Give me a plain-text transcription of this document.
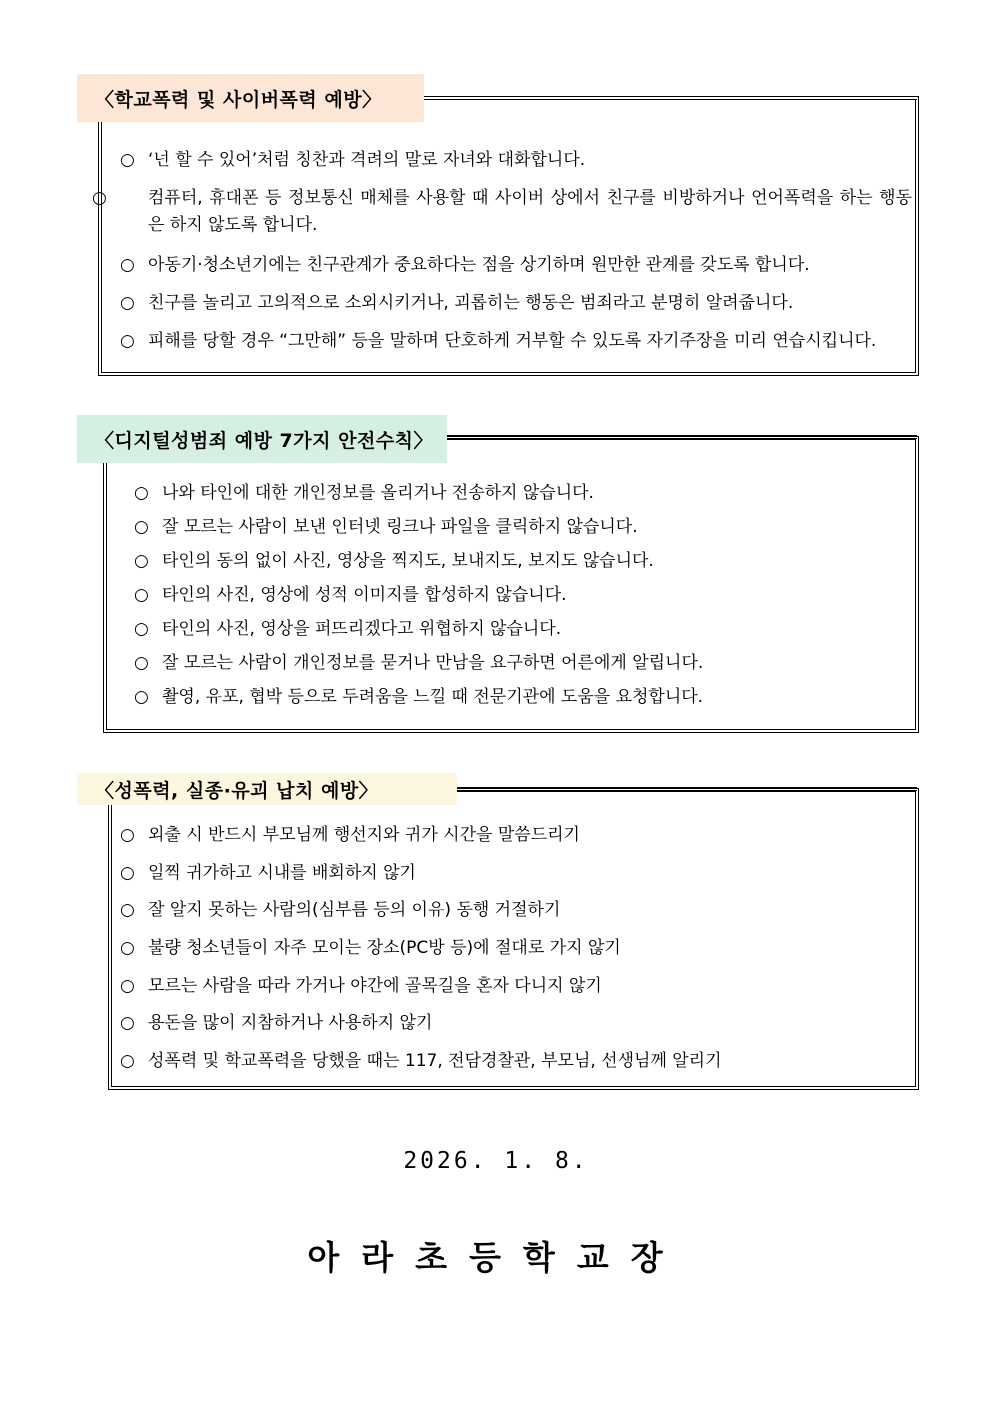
〈학교폭력 및 사이버폭력 예방〉
○ ‘넌 할 수 있어’처럼 칭찬과 격려의 말로 자녀와 대화합니다.
○ 컴퓨터, 휴대폰 등 정보통신 매체를 사용할 때 사이버 상에서 친구를 비방하거나 언어폭력을 하는 행동은 하지 않도록 합니다.
○ 아동기·청소년기에는 친구관계가 중요하다는 점을 상기하며 원만한 관계를 갖도록 합니다.
○ 친구를 놀리고 고의적으로 소외시키거나, 괴롭히는 행동은 범죄라고 분명히 알려줍니다.
○ 피해를 당할 경우 “그만해” 등을 말하며 단호하게 거부할 수 있도록 자기주장을 미리 연습시킵니다.
〈디지털성범죄 예방 7가지 안전수칙〉
○ 나와 타인에 대한 개인정보를 올리거나 전송하지 않습니다.
○ 잘 모르는 사람이 보낸 인터넷 링크나 파일을 클릭하지 않습니다.
○ 타인의 동의 없이 사진, 영상을 찍지도, 보내지도, 보지도 않습니다.
○ 타인의 사진, 영상에 성적 이미지를 합성하지 않습니다.
○ 타인의 사진, 영상을 퍼뜨리겠다고 위협하지 않습니다.
○ 잘 모르는 사람이 개인정보를 묻거나 만남을 요구하면 어른에게 알립니다.
○ 촬영, 유포, 협박 등으로 두려움을 느낄 때 전문기관에 도움을 요청합니다.
〈성폭력, 실종·유괴 납치 예방〉
○ 외출 시 반드시 부모님께 행선지와 귀가 시간을 말씀드리기
○ 일찍 귀가하고 시내를 배회하지 않기
○ 잘 알지 못하는 사람의(심부름 등의 이유) 동행 거절하기
○ 불량 청소년들이 자주 모이는 장소(PC방 등)에 절대로 가지 않기
○ 모르는 사람을 따라 가거나 야간에 골목길을 혼자 다니지 않기
○ 용돈을 많이 지참하거나 사용하지 않기
○ 성폭력 및 학교폭력을 당했을 때는 117, 전담경찰관, 부모님, 선생님께 알리기
2026. 1. 8.
아라초등학교장
